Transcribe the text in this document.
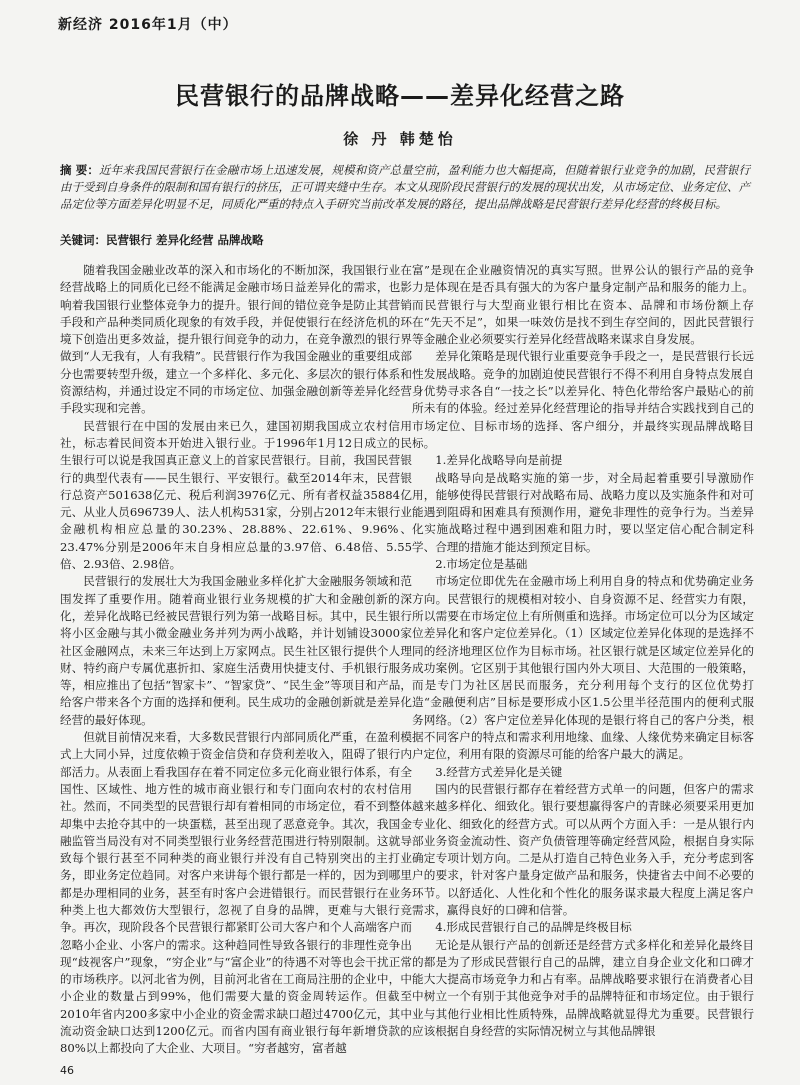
新经济 2016年1月（中）
民营银行的品牌战略——差异化经营之路
徐 丹 韩楚怡
摘 要：近年来我国民营银行在金融市场上迅速发展，规模和资产总量空前，盈利能力也大幅提高，但随着银行业竞争的加剧，民营银行由于受到自身条件的限制和国有银行的挤压，正可谓夹缝中生存。本文从现阶段民营银行的发展的现状出发，从市场定位、业务定位、产品定位等方面差异化明显不足，同质化严重的特点入手研究当前改革发展的路径，提出品牌战略是民营银行差异化经营的终极目标。
关键词：民营银行 差异化经营 品牌战略

随着我国金融业改革的深入和市场化的不断加深，我国银行业在经营战略上的同质化已经不能满足金融市场日益差异化的需求，也影响着我国银行业整体竞争力的提升。银行间的错位竞争是防止其营销手段和产品种类同质化现象的有效手段，并促使银行在经济危机的环境下创造出更多效益，提升银行间竞争的动力，在竞争激烈的银行界做到“人无我有，人有我精”。民营银行作为我国金融业的重要组成部分也需要转型升级，建立一个多样化、多元化、多层次的银行体系和资源结构，并通过设定不同的市场定位、加强金融创新等差异化经营手段实现和完善。

民营银行在中国的发展由来已久，建国初期我国成立农村信用社，标志着民间资本开始进入银行业。于1996年1月12日成立的民生银行可以说是我国真正意义上的首家民营银行。目前，我国民营银行的典型代表有——民生银行、平安银行。截至2014年末，民营银行总资产501638亿元、税后利润3976亿元、所有者权益35884亿元、从业人员696739人、法人机构531家，分别占2012年末银行业金融机构相应总量的30.23%、28.88%、22.61%、9.96%、23.47%分别是2006年末自身相应总量的3.97倍、6.48倍、5.55倍、2.93倍、2.98倍。

民营银行的发展壮大为我国金融业多样化扩大金融服务领域和范围发挥了重要作用。随着商业银行业务规模的扩大和金融创新的深化，差异化战略已经被民营银行列为第一战略目标。其中，民生银行将小区金融与其小微金融业务并列为两小战略，并计划铺设3000家社区金融网点，未来三年达到上万家网点。民生社区银行提供个人理财、特约商户专属优惠折扣、家庭生活费用快捷支付、手机银行服务等，相应推出了包括“智家卡”、“智家贷”、“民生金”等项目和产品，给客户带来各个方面的选择和便利。民生成功的金融创新就是差异化经营的最好体现。

但就目前情况来看，大多数民营银行内部同质化严重，在盈利模式上大同小异，过度依赖于资金信贷和存贷利差收入，阻碍了银行内部活力。从表面上看我国存在着不同定位多元化商业银行体系，有全国性、区域性、地方性的城市商业银行和专门面向农村的农村信用社。然而，不同类型的民营银行却有着相同的市场定位，看不到整体却集中去抢夺其中的一块蛋糕，甚至出现了恶意竞争。其次，我国金融监管当局没有对不同类型银行业务经营范围进行特别限制。这就导致每个银行甚至不同种类的商业银行并没有自己特别突出的主打业务，即业务定位趋同。对客户来讲每个银行都是一样的，因为到哪里都是办理相同的业务，甚至有时客户会进错银行。而民营银行在业务种类上也大都效仿大型银行，忽视了自身的品牌，更难与大银行竞争。再次，现阶段各个民营银行都紧盯公司大客户和个人高端客户而忽略小企业、小客户的需求。这种趋同性导致各银行的非理性竞争出现“歧视客户”现象，“穷企业”与“富企业”的待遇不对等也会干扰正常的市场秩序。以河北省为例，目前河北省在工商局注册的企业中，中小企业的数量占到99%，他们需要大量的资金周转运作。但截至2010年省内200多家中小企业的资金需求缺口超过4700亿元，其中流动资金缺口达到1200亿元。而省内国有商业银行每年新增贷款的80%以上都投向了大企业、大项目。“穷者越穷，富者越

富”是现在企业融资情况的真实写照。世界公认的银行产品的竞争力是体现在是否具有强大的为客户量身定制产品和服务的能力上。而民营银行与大型商业银行相比在资本、品牌和市场份额上存在“先天不足”，如果一味效仿是找不到生存空间的，因此民营银行等金融企业必须要实行差异化经营战略来谋求自身发展。

差异化策略是现代银行业重要竞争手段之一，是民营银行长远性发展战略。竞争的加剧迫使民营银行不得不利用自身特点发展自身优势寻求各自“一技之长”以差异化、特色化带给客户最贴心的前所未有的体验。经过差异化经营理论的指导并结合实践找到自己的市场定位、目标市场的选择、客户细分，并最终实现品牌战略目标。

1.差异化战略导向是前提

战略导向是战略实施的第一步，对全局起着重要引导激励作用，能够使得民营银行对战略布局、战略力度以及实施条件和对可能遇到阻碍和困难具有预测作用，避免非理性的竞争行为。当差异化实施战略过程中遇到困难和阻力时，要以坚定信心配合制定科学、合理的措施才能达到预定目标。

2.市场定位是基础

市场定位即优先在金融市场上利用自身的特点和优势确定业务方向。民营银行的规模相对较小、自身资源不足、经营实力有限，所以需要在市场定位上有所侧重和选择。市场定位可以分为区域定位差异化和客户定位差异化。（1）区域定位差异化体现的是选择不同的经济地理区位作为目标市场。社区银行就是区域定位差异化的成功案例。它区别于其他银行国内外大项目、大范围的一般策略，而是专门为社区居民而服务，充分利用每个支行的区位优势打造“金融便利店”目标是要形成小区1.5公里半径范围内的便利式服务网络。（2）客户定位差异化体现的是银行将自己的客户分类，根据不同客户的特点和需求利用地缘、血缘、人缘优势来确定目标客户定位，利用有限的资源尽可能的给客户最大的满足。

3.经营方式差异化是关键

国内的民营银行都存在着经营方式单一的问题，但客户的需求越来越多样化、细致化。银行要想赢得客户的青睐必须要采用更加专业化、细致化的经营方式。可以从两个方面入手：一是从银行内部业务资金流动性、资产负债管理等确定经营风险，根据自身实际确定专项计划方向。二是从打造自己特色业务入手，充分考虑到客户的要求，针对客户量身定做产品和服务，快捷省去中间不必要的环节。以舒适化、人性化和个性化的服务谋求最大程度上满足客户需求，赢得良好的口碑和信誉。

4.形成民营银行自己的品牌是终极目标

无论是从银行产品的创新还是经营方式多样化和差异化最终目的都是为了形成民营银行自己的品牌，建立自身企业文化和口碑才能大大提高市场竞争力和占有率。品牌战略要求银行在消费者心目中树立一个有别于其他竞争对手的品牌特征和市场定位。由于银行业与其他行业相比性质特殊，品牌战略就显得尤为重要。民营银行应该根据自身经营的实际情况树立与其他品牌银

46
